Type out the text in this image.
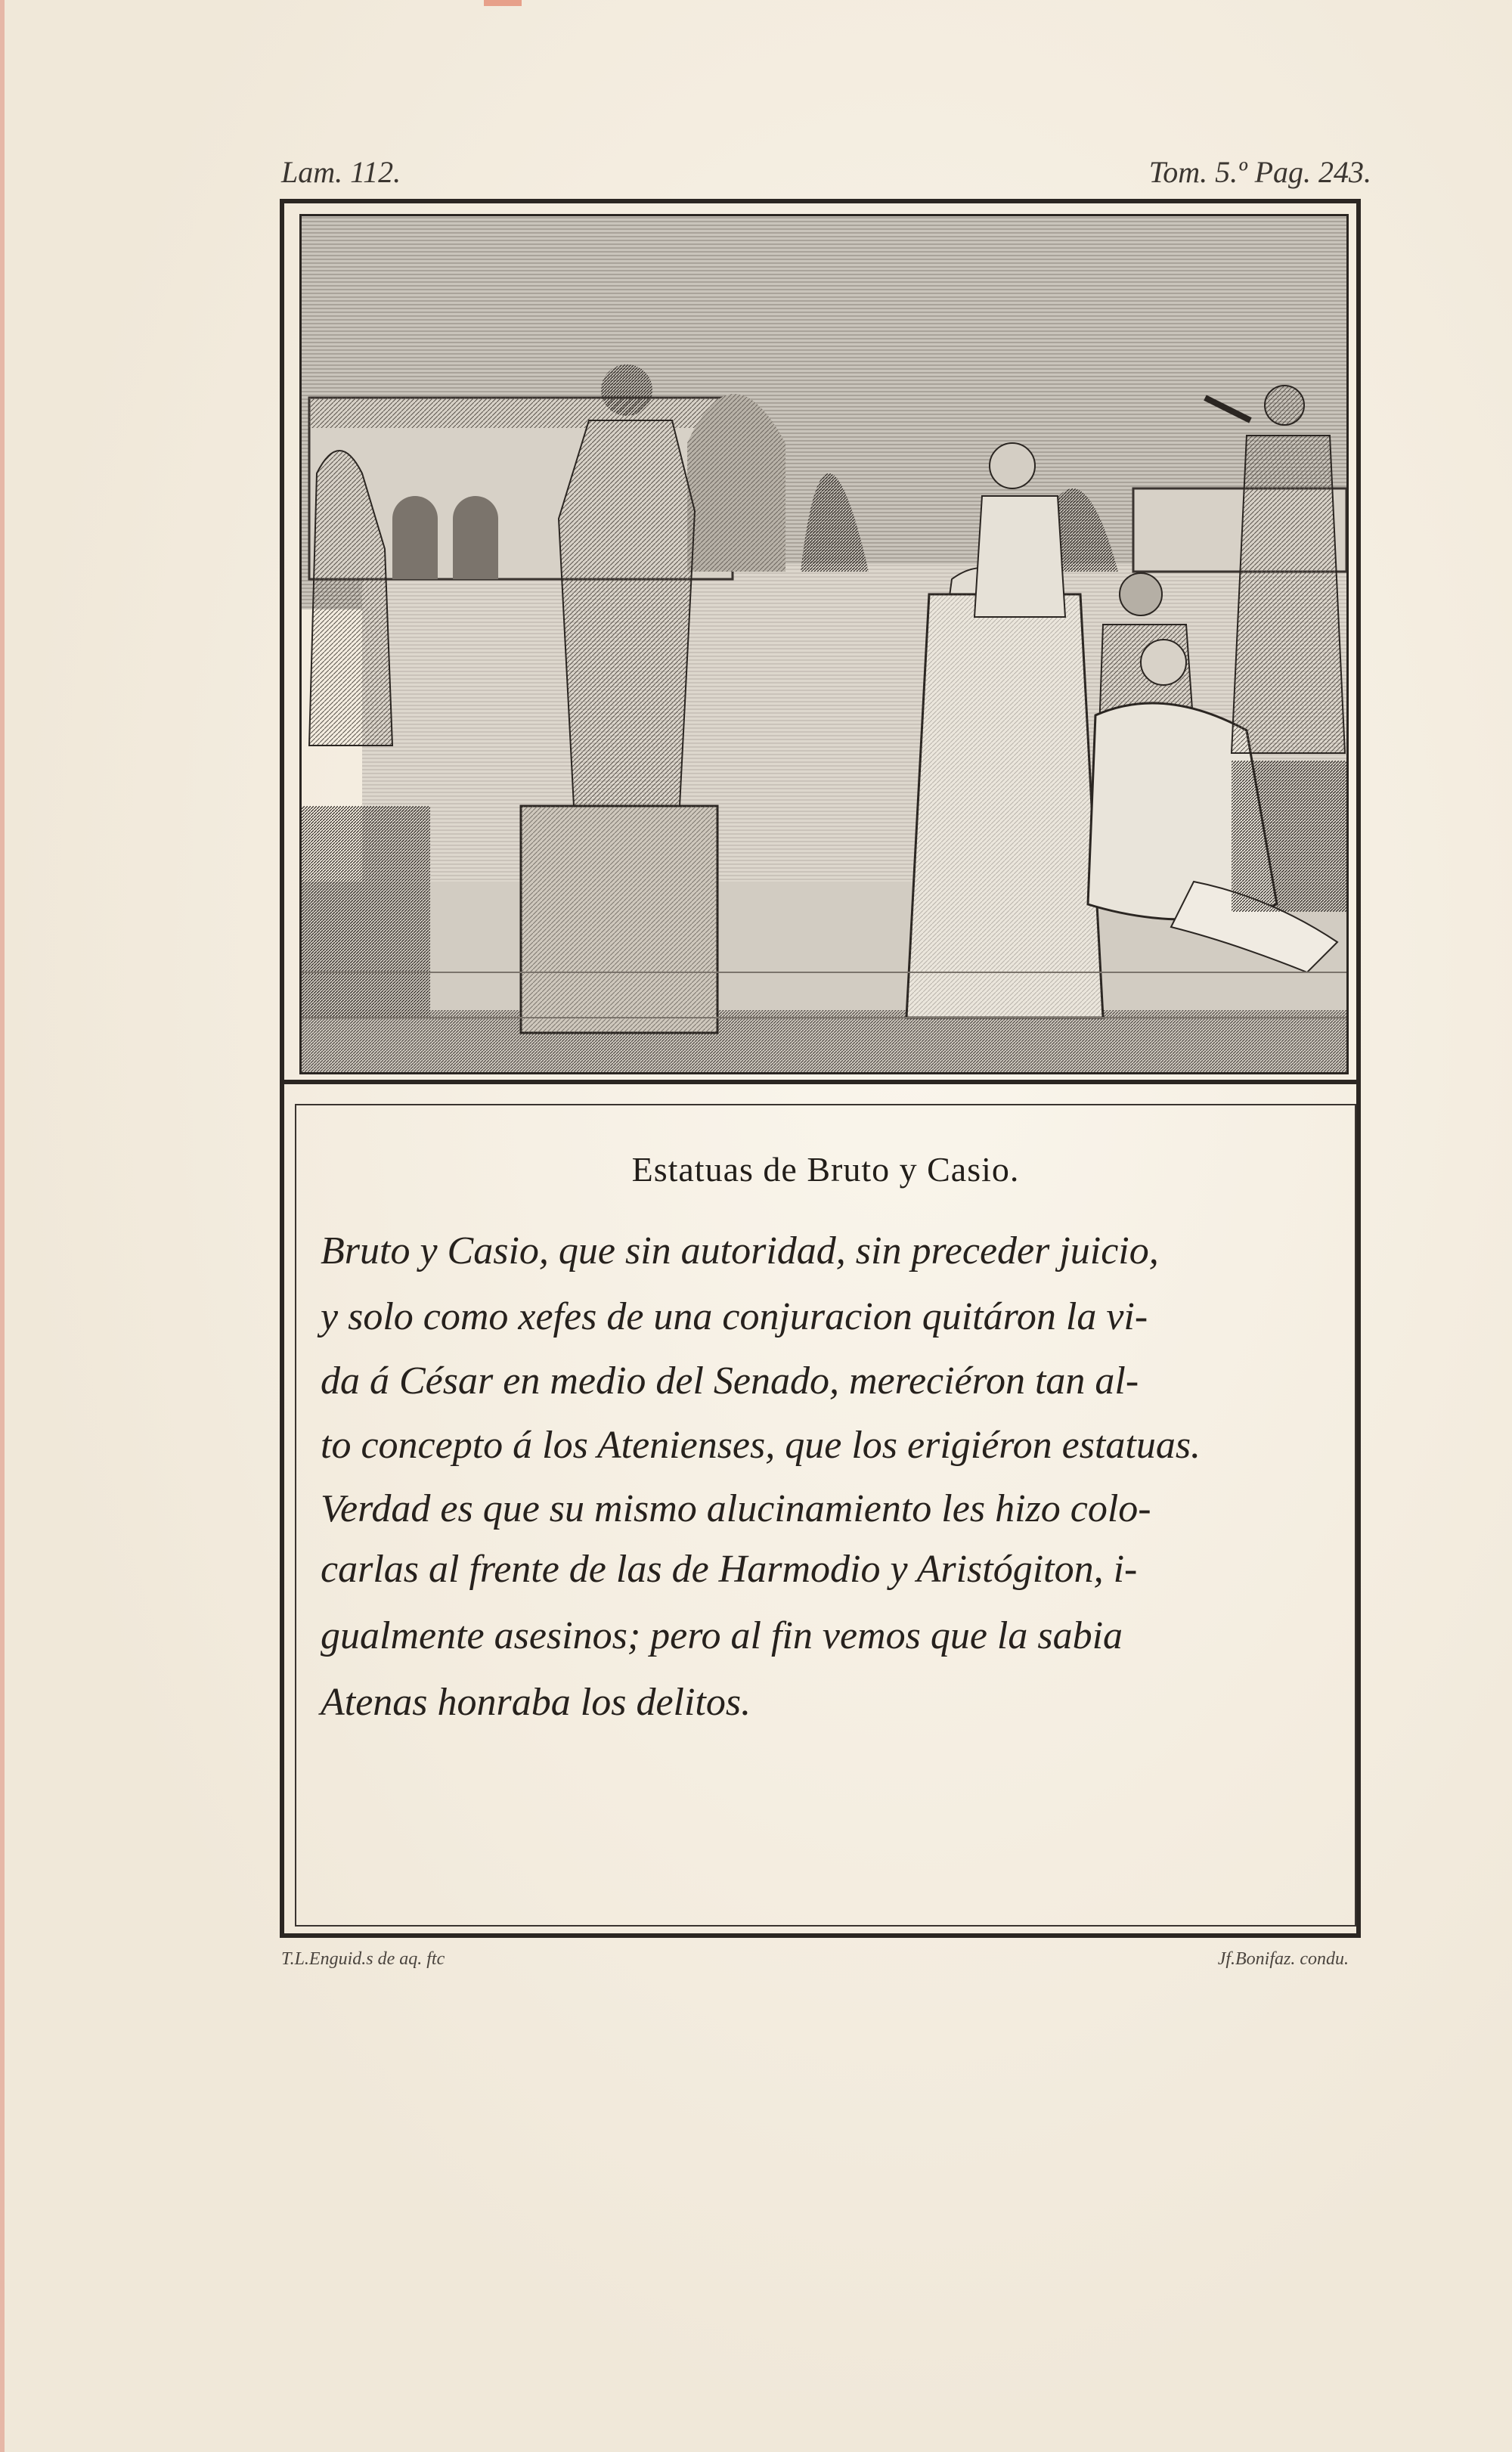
Lam. 112.	Tom. 5.º Pag. 243.
Estatuas de Bruto y Casio.
Bruto y Casio, que sin autoridad, sin preceder juicio,
y solo como xefes de una conjuracion quitáron la vi-
da á César en medio del Senado, mereciéron tan al-
to concepto á los Atenienses, que los erigiéron estatuas.
Verdad es que su mismo alucinamiento les hizo colo-
carlas al frente de las de Harmodio y Aristógiton, i-
gualmente asesinos; pero al fin vemos que la sabia
Atenas honraba los delitos.
T.L.Enguid.s de aq. ftc	Jf.Bonifaz. condu.
